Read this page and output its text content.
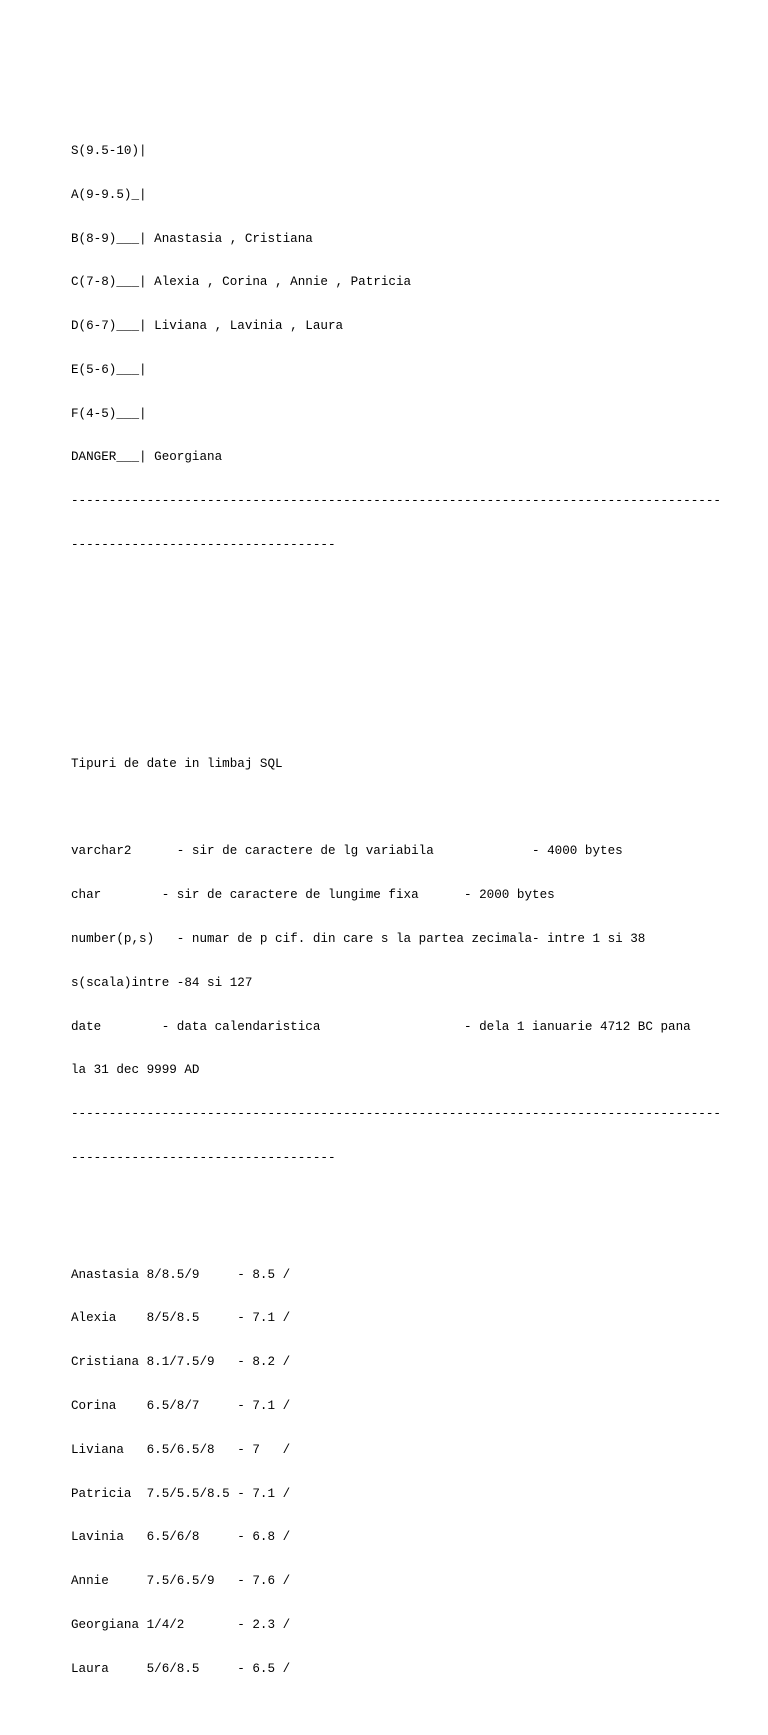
S(9.5-10)|

A(9-9.5)_|

B(8-9)___| Anastasia , Cristiana

C(7-8)___| Alexia , Corina , Annie , Patricia

D(6-7)___| Liviana , Lavinia , Laura

E(5-6)___|

F(4-5)___|

DANGER___| Georgiana

--------------------------------------------------------------------------------------

-----------------------------------

Tipuri de date in limbaj SQL

varchar2      - sir de caractere de lg variabila             - 4000 bytes

char        - sir de caractere de lungime fixa      - 2000 bytes

number(p,s)   - numar de p cif. din care s la partea zecimala- intre 1 si 38

s(scala)intre -84 si 127

date        - data calendaristica                   - dela 1 ianuarie 4712 BC pana

la 31 dec 9999 AD

--------------------------------------------------------------------------------------

-----------------------------------

Anastasia 8/8.5/9     - 8.5 /

Alexia    8/5/8.5     - 7.1 /

Cristiana 8.1/7.5/9   - 8.2 /

Corina    6.5/8/7     - 7.1 /

Liviana   6.5/6.5/8   - 7   /

Patricia  7.5/5.5/8.5 - 7.1 /

Lavinia   6.5/6/8     - 6.8 /

Annie     7.5/6.5/9   - 7.6 /

Georgiana 1/4/2       - 2.3 /

Laura     5/6/8.5     - 6.5 /
